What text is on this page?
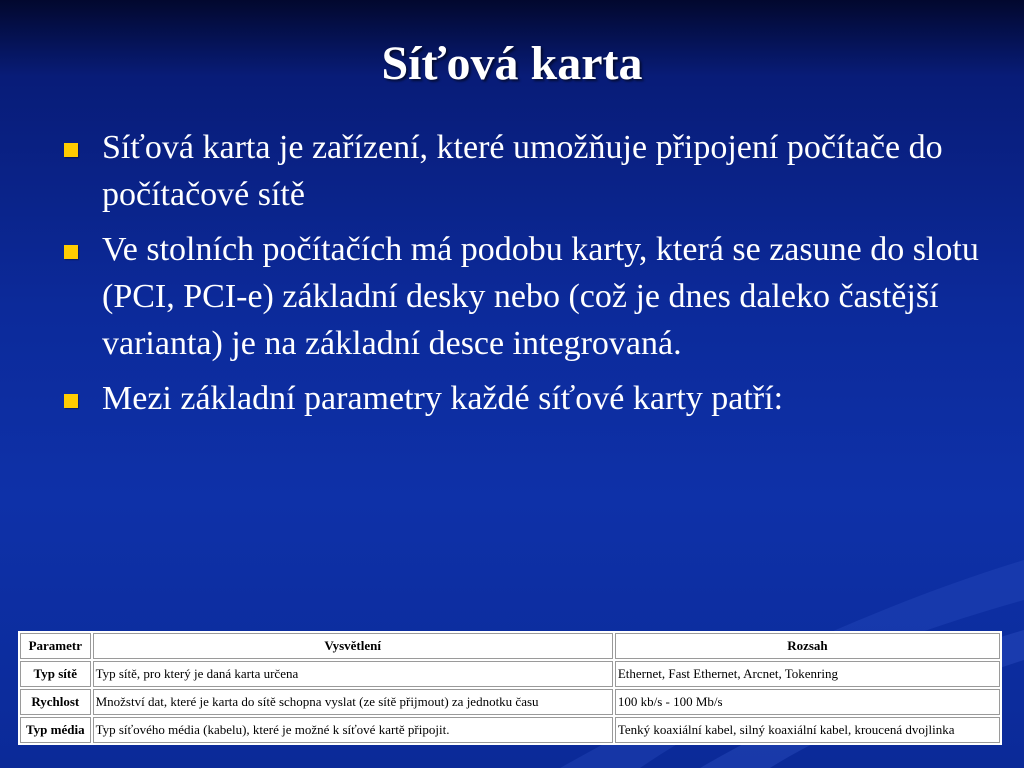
Síťová karta
Síťová karta je zařízení, které umožňuje připojení počítače do počítačové sítě
Ve stolních počítačích má podobu karty, která se zasune do slotu (PCI, PCI-e) základní desky nebo (což je dnes daleko častější varianta) je na základní desce integrovaná.
Mezi základní parametry každé síťové karty patří:
Parametr	Vysvětlení	Rozsah
Typ sítě	Typ sítě, pro který je daná karta určena	Ethernet, Fast Ethernet, Arcnet, Tokenring
Rychlost	Množství dat, které je karta do sítě schopna vyslat (ze sítě přijmout) za jednotku času	100 kb/s - 100 Mb/s
Typ média	Typ síťového média (kabelu), které je možné k síťové kartě připojit.	Tenký koaxiální kabel, silný koaxiální kabel, kroucená dvojlinka
